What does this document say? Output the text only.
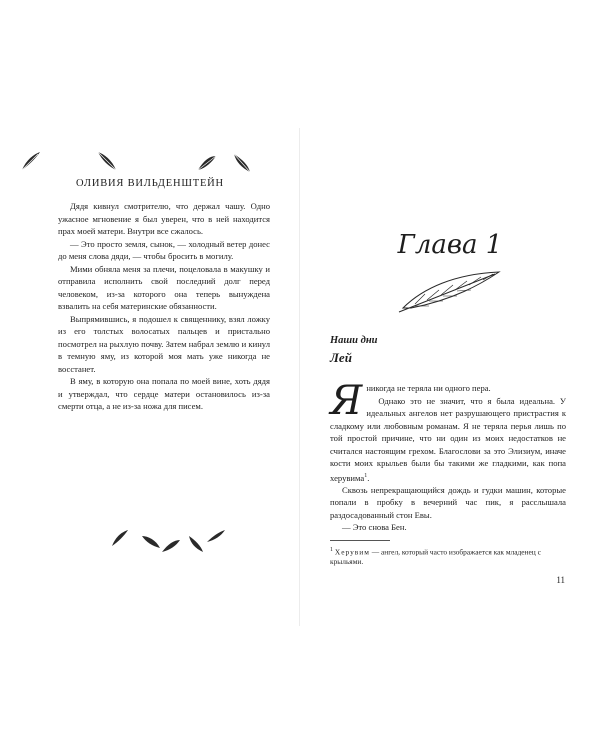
ОЛИВИЯ ВИЛЬДЕНШТЕЙН

Дядя кивнул смотрителю, что держал чашу. Одно ужасное мгновение я был уверен, что в ней находится прах моей матери. Внутри все сжалось.

— Это просто земля, сынок, — холодный ветер донес до меня слова дяди, — чтобы бросить в могилу.

Мими обняла меня за плечи, поцеловала в макушку и отправила исполнить свой последний долг перед человеком, из-за которого она теперь вынуждена взвалить на себя материнские обязанности.

Выпрямившись, я подошел к священнику, взял ложку из его толстых волосатых пальцев и пристально посмотрел на рыхлую почву. Затем набрал землю и кинул в темную яму, из которой моя мать уже никогда не восстанет.

В яму, в которую она попала по моей вине, хоть дядя и утверждал, что сердце матери остановилось из-за смерти отца, а не из-за ножа для писем.

Глава 1
Наши дни
Лей

Я никогда не теряла ни одного пера.

Однако это не значит, что я была идеальна. У идеальных ангелов нет разрушающего пристрастия к сладкому или любовным романам. Я не теряла перья лишь по той простой причине, что ни один из моих недостатков не считался настоящим грехом. Благослови за это Элизиум, иначе кости моих крыльев были бы такими же гладкими, как попа херувима$^1$.

Сквозь непрекращающийся дождь и гудки машин, которые попали в пробку в вечерний час пик, я расслышала раздосадованный стон Евы.

— Это снова Бен.

$^1$ Херувим — ангел, который часто изображается как младенец с крыльями.
11
